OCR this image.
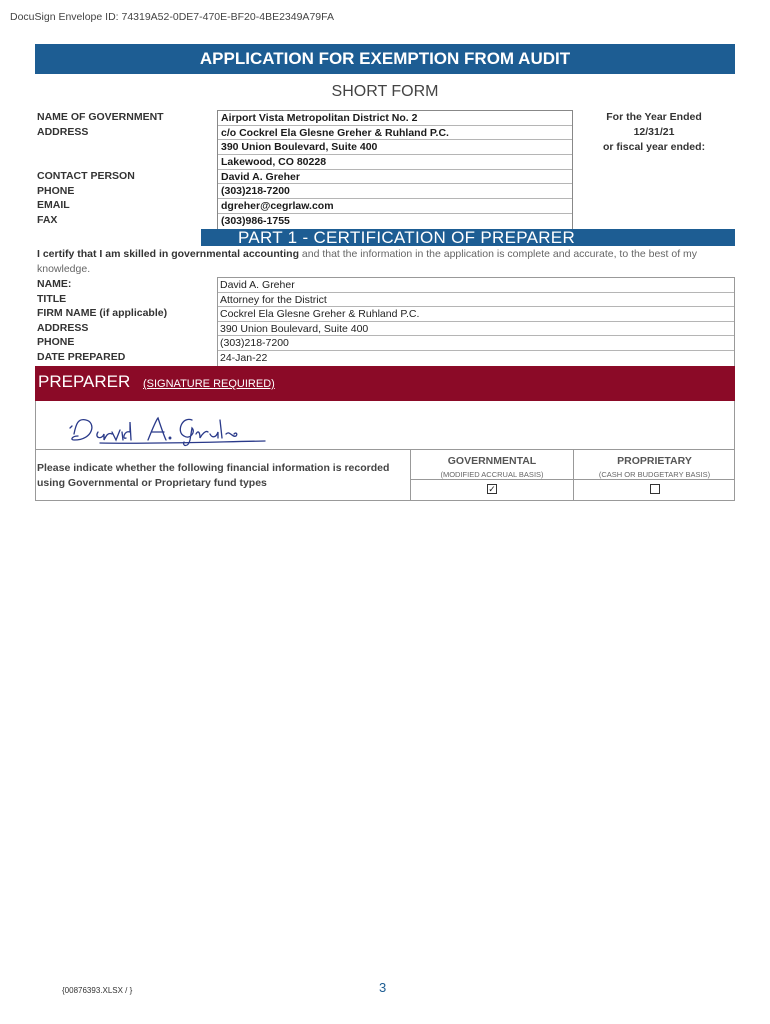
DocuSign Envelope ID: 74319A52-0DE7-470E-BF20-4BE2349A79FA
APPLICATION FOR EXEMPTION FROM AUDIT
SHORT FORM
NAME OF GOVERNMENT
ADDRESS
CONTACT PERSON
PHONE
EMAIL
FAX
Airport Vista Metropolitan District No. 2
c/o Cockrel Ela Glesne Greher & Ruhland P.C.
390 Union Boulevard, Suite 400
Lakewood, CO 80228
David A. Greher
(303)218-7200
dgreher@cegrlaw.com
(303)986-1755
For the Year Ended
12/31/21
or fiscal year ended:
PART 1 - CERTIFICATION OF PREPARER
I certify that I am skilled in governmental accounting and that the information in the application is complete and accurate, to the best of my knowledge.
NAME:
TITLE
FIRM NAME (if applicable)
ADDRESS
PHONE
DATE PREPARED
David A. Greher
Attorney for the District
Cockrel Ela Glesne Greher & Ruhland P.C.
390 Union Boulevard, Suite 400
(303)218-7200
24-Jan-22
PREPARER (SIGNATURE REQUIRED)
Please indicate whether the following financial information is recorded using Governmental or Proprietary fund types
GOVERNMENTAL
(MODIFIED ACCRUAL BASIS)
✓
PROPRIETARY
(CASH OR BUDGETARY BASIS)
{00876393.XLSX / }	3
